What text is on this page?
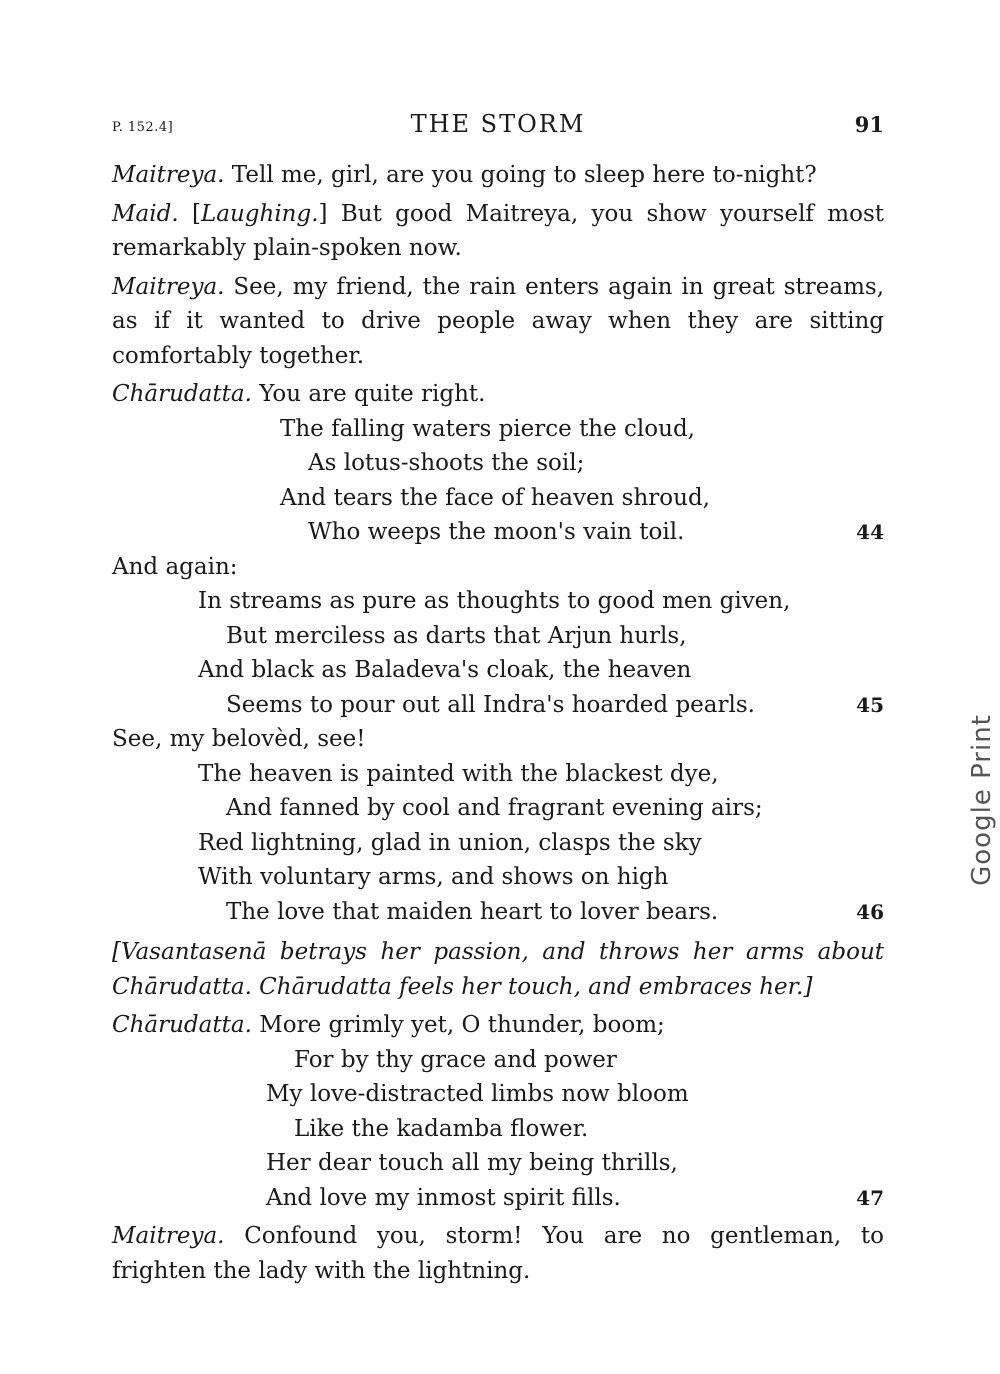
P. 152.4]	THE STORM	91

Maitreya. Tell me, girl, are you going to sleep here to-night?

Maid. [Laughing.] But good Maitreya, you show yourself most remarkably plain-spoken now.

Maitreya. See, my friend, the rain enters again in great streams, as if it wanted to drive people away when they are sitting comfortably together.

Chārudatta. You are quite right.

The falling waters pierce the cloud,
As lotus-shoots the soil;
And tears the face of heaven shroud,
Who weeps the moon's vain toil.	44

And again:

In streams as pure as thoughts to good men given,
But merciless as darts that Arjun hurls,
And black as Baladeva's cloak, the heaven
Seems to pour out all Indra's hoarded pearls.	45

See, my belovèd, see!

The heaven is painted with the blackest dye,
And fanned by cool and fragrant evening airs;
Red lightning, glad in union, clasps the sky
With voluntary arms, and shows on high
The love that maiden heart to lover bears.	46

[Vasantasenā betrays her passion, and throws her arms about Chārudatta. Chārudatta feels her touch, and embraces her.]

Chārudatta. More grimly yet, O thunder, boom;

For by thy grace and power
My love-distracted limbs now bloom
Like the kadamba flower.
Her dear touch all my being thrills,
And love my inmost spirit fills.	47

Maitreya. Confound you, storm! You are no gentleman, to frighten the lady with the lightning.

Google Print
